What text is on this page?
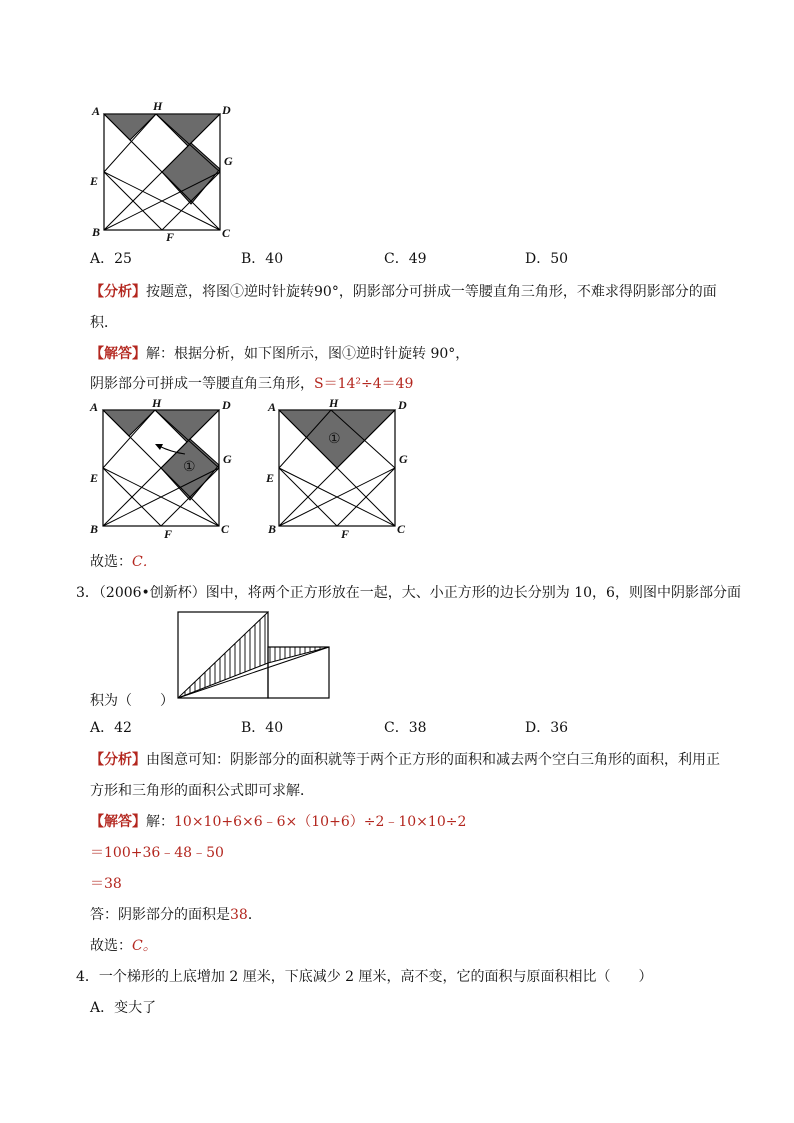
A	H	D
G
E
B	F	C
A．25	B．40	C．49	D．50
【分析】按题意，将图①逆时针旋转90°，阴影部分可拼成一等腰直角三角形，不难求得阴影部分的面
积．
【解答】解：根据分析，如下图所示，图①逆时针旋转 90°，
阴影部分可拼成一等腰直角三角形，S＝14²÷4＝49
①
A	H	D
G
E
B	F	C
①
A	H	D
G
E
B	F	C
故选：C．
3．（2006•创新杯）图中，将两个正方形放在一起，大、小正方形的边长分别为 10，6，则图中阴影部分面
积为（　　）
A．42	B．40	C．38	D．36
【分析】由图意可知：阴影部分的面积就等于两个正方形的面积和减去两个空白三角形的面积，利用正
方形和三角形的面积公式即可求解．
【解答】解：10×10+6×6﹣6×（10+6）÷2﹣10×10÷2
＝100+36﹣48﹣50
＝38
答：阴影部分的面积是38．
故选：C。
4．一个梯形的上底增加 2 厘米，下底减少 2 厘米，高不变，它的面积与原面积相比（　　）
A．变大了
